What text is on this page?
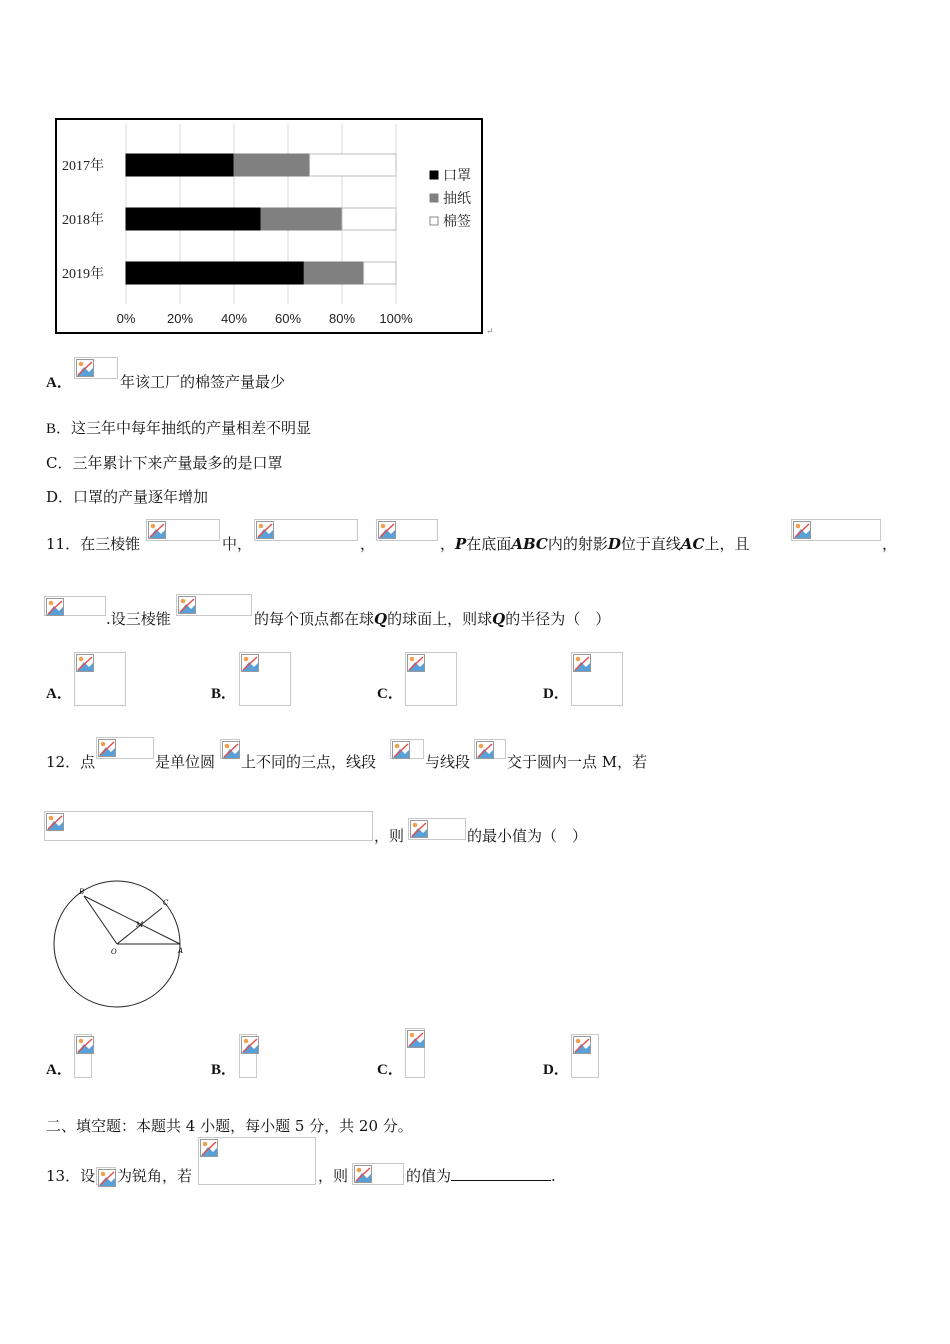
2017年
2018年
2019年
0% 20% 40% 60% 80% 100%
口罩
抽纸
棉签
↵
A．	年该工厂的棉签产量最少
B．这三年中每年抽纸的产量相差不明显
C．三年累计下来产量最多的是口罩
D．口罩的产量逐年增加
11．在三棱锥	中，	，	，P在底面ABC内的射影D位于直线AC上，且	，
.设三棱锥	的每个顶点都在球Q的球面上，则球Q的半径为（　）
A．	B．	C．	D．
12．点	是单位圆 上不同的三点，线段	与线段 交于圆内一点 M，若
，则	的最小值为（　）
B
C
M
O	A
A．	B．	C．	D．
二、填空题：本题共 4 小题，每小题 5 分，共 20 分。
13．设 为锐角，若	，则	的值为	.
